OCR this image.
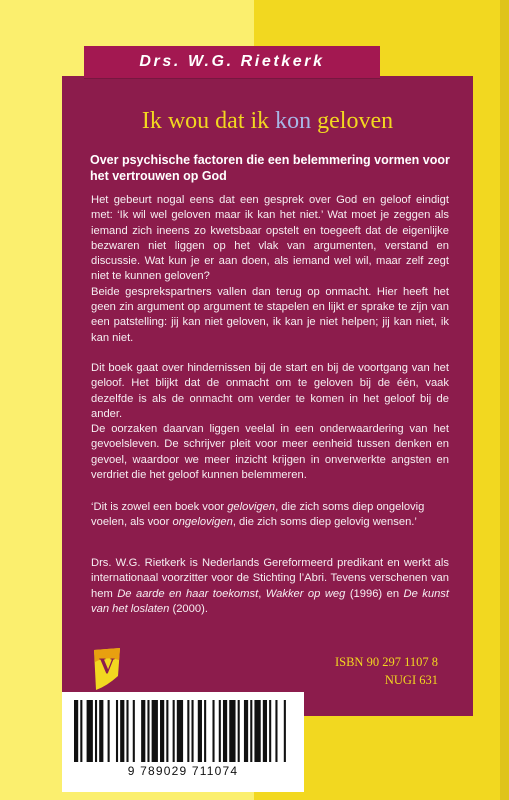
Drs. W.G. Rietkerk
Ik wou dat ik kon geloven
Over psychische factoren die een belemmering vormen voor het vertrouwen op God

Het gebeurt nogal eens dat een gesprek over God en geloof eindigt met: ‘Ik wil wel geloven maar ik kan het niet.’ Wat moet je zeggen als iemand zich ineens zo kwetsbaar opstelt en toegeeft dat de eigenlijke bezwaren niet liggen op het vlak van argumenten, verstand en discussie. Wat kun je er aan doen, als iemand wel wil, maar zelf zegt niet te kunnen geloven?

Beide gesprekspartners vallen dan terug op onmacht. Hier heeft het geen zin argument op argument te stapelen en lijkt er sprake te zijn van een patstelling: jij kan niet geloven, ik kan je niet helpen; jij kan niet, ik kan niet.

Dit boek gaat over hindernissen bij de start en bij de voortgang van het geloof. Het blijkt dat de onmacht om te geloven bij de één, vaak dezelfde is als de onmacht om verder te komen in het geloof bij de ander.

De oorzaken daarvan liggen veelal in een onderwaardering van het gevoelsleven. De schrijver pleit voor meer eenheid tussen denken en gevoel, waardoor we meer inzicht krijgen in onverwerkte angsten en verdriet die het geloof kunnen belemmeren.

‘Dit is zowel een boek voor gelovigen, die zich soms diep ongelovig voelen, als voor ongelovigen, die zich soms diep gelovig wensen.’
Drs. W.G. Rietkerk is Nederlands Gereformeerd predikant en werkt als internationaal voorzitter voor de Stichting l’Abri. Tevens verschenen van hem De aarde en haar toekomst, Wakker op weg (1996) en De kunst van het loslaten (2000).
V	ISBN 90 297 1107 8
NUGI 631
9 789029 711074
